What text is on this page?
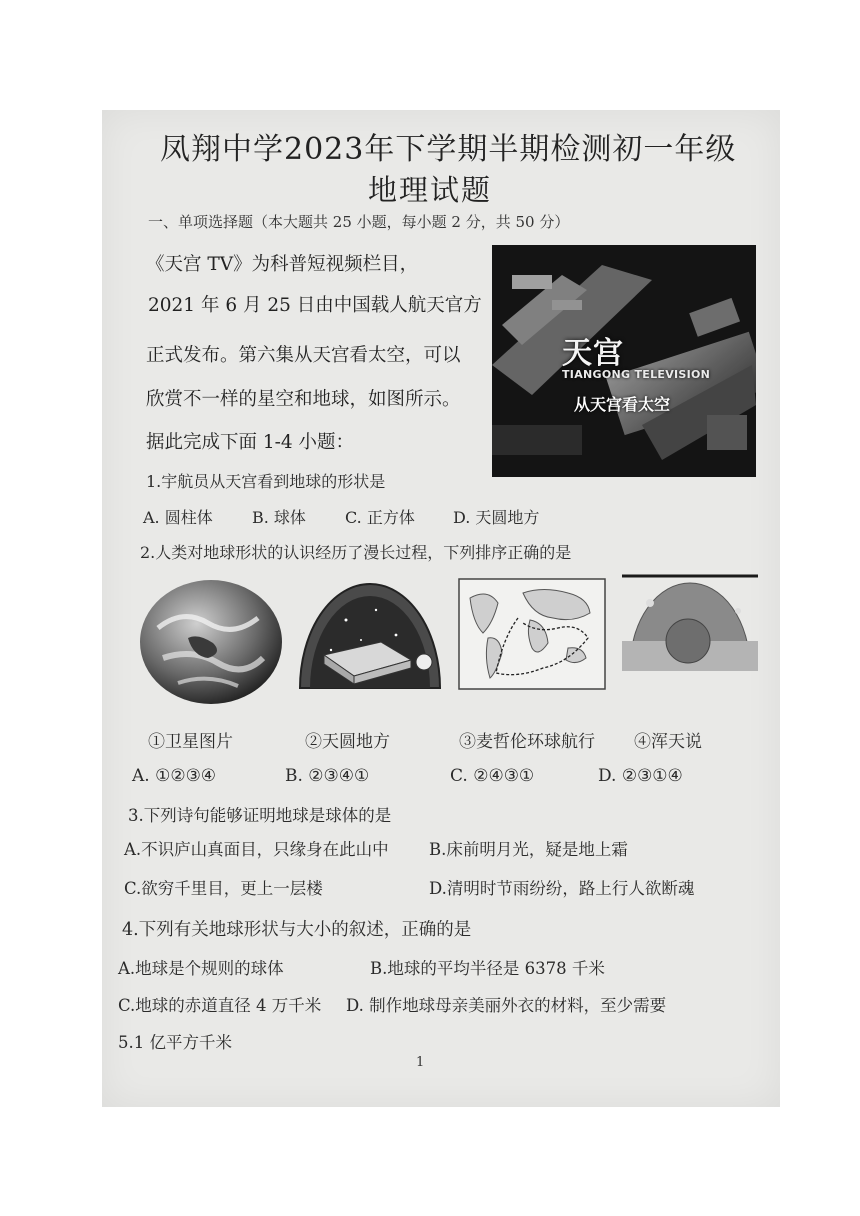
凤翔中学2023年下学期半期检测初一年级
地理试题
一、单项选择题（本大题共 25 小题，每小题 2 分，共 50 分）
《天宫 TV》为科普短视频栏目，
2021 年 6 月 25 日由中国载人航天官方
正式发布。第六集从天宫看太空，可以
欣赏不一样的星空和地球，如图所示。
据此完成下面 1-4 小题：
天宫
TIANGONG TELEVISION
从天宫看太空
1.宇航员从天宫看到地球的形状是
A. 圆柱体 B. 球体 C. 正方体 D. 天圆地方
2.人类对地球形状的认识经历了漫长过程，下列排序正确的是
①卫星图片	②天圆地方	③麦哲伦环球航行 ④浑天说
A. ①②③④	B. ②③④①	C. ②④③①	D. ②③①④
3.下列诗句能够证明地球是球体的是
A.不识庐山真面目，只缘身在此山中 B.床前明月光，疑是地上霜
C.欲穷千里目，更上一层楼	D.清明时节雨纷纷，路上行人欲断魂
4.下列有关地球形状与大小的叙述，正确的是
A.地球是个规则的球体	B.地球的平均半径是 6378 千米
C.地球的赤道直径 4 万千米 D. 制作地球母亲美丽外衣的材料，至少需要
5.1 亿平方千米
1
